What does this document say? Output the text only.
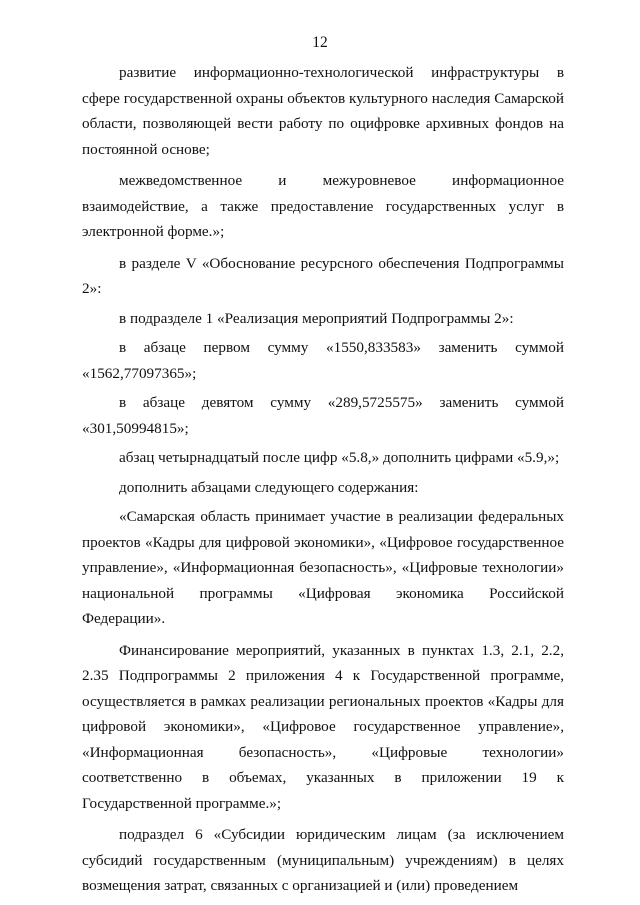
12

развитие информационно-технологической инфраструктуры в сфере государственной охраны объектов культурного наследия Самарской области, позволяющей вести работу по оцифровке архивных фондов на постоянной основе;

межведомственное и межуровневое информационное взаимодействие, а также предоставление государственных услуг в электронной форме.»;

в разделе V «Обоснование ресурсного обеспечения Подпрограммы 2»:

в подразделе 1 «Реализация мероприятий Подпрограммы 2»:

в абзаце первом сумму «1550,833583» заменить суммой «1562,77097365»;

в абзаце девятом сумму «289,5725575» заменить суммой «301,50994815»;

абзац четырнадцатый после цифр «5.8,» дополнить цифрами «5.9,»;

дополнить абзацами следующего содержания:

«Самарская область принимает участие в реализации федеральных проектов «Кадры для цифровой экономики», «Цифровое государственное управление», «Информационная безопасность», «Цифровые технологии» национальной программы «Цифровая экономика Российской Федерации».

Финансирование мероприятий, указанных в пунктах 1.3, 2.1, 2.2, 2.35 Подпрограммы 2 приложения 4 к Государственной программе, осуществляется в рамках реализации региональных проектов «Кадры для цифровой экономики», «Цифровое государственное управление», «Информационная безопасность», «Цифровые технологии» соответственно в объемах, указанных в приложении 19 к Государственной программе.»;

подраздел 6 «Субсидии юридическим лицам (за исключением субсидий государственным (муниципальным) учреждениям) в целях возмещения затрат, связанных с организацией и (или) проведением
